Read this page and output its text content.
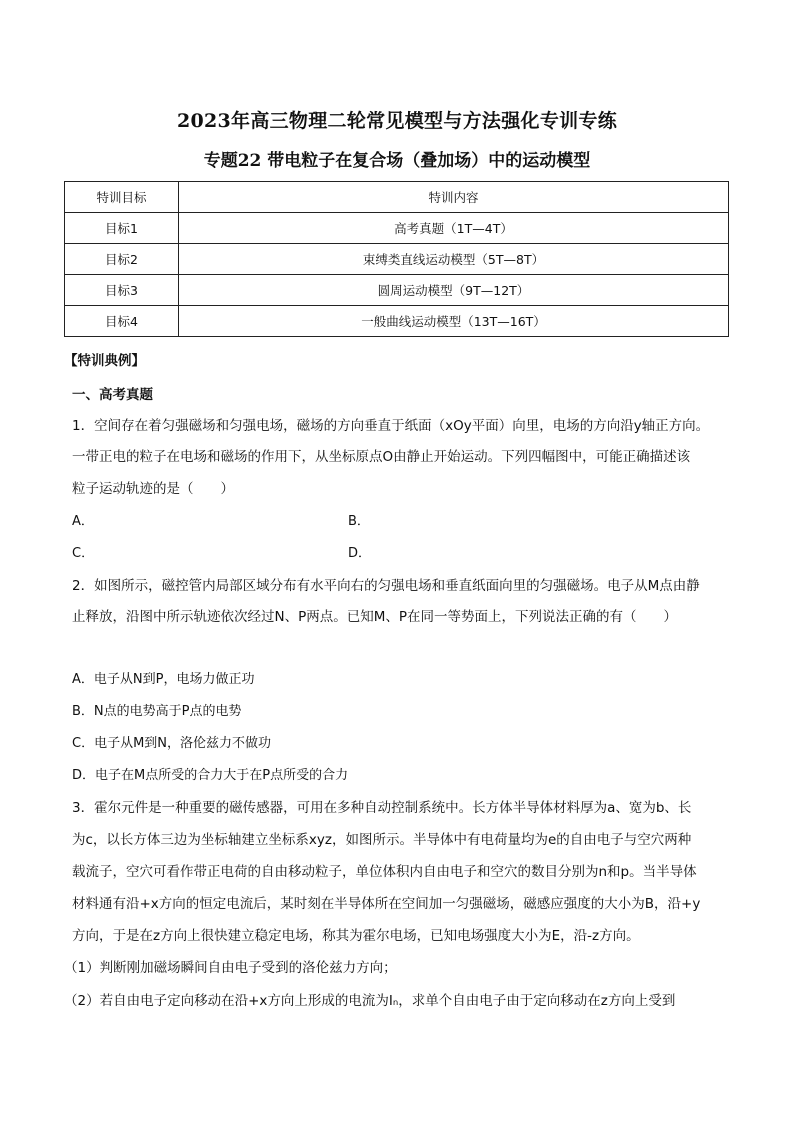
2023年高三物理二轮常见模型与方法强化专训专练
专题22 带电粒子在复合场（叠加场）中的运动模型
特训目标	特训内容
目标1	高考真题（1T—4T）
目标2	束缚类直线运动模型（5T—8T）
目标3	圆周运动模型（9T—12T）
目标4	一般曲线运动模型（13T—16T）
【特训典例】
一、高考真题
1．空间存在着匀强磁场和匀强电场，磁场的方向垂直于纸面（xOy平面）向里，电场的方向沿y轴正方向。
一带正电的粒子在电场和磁场的作用下，从坐标原点O由静止开始运动。下列四幅图中，可能正确描述该
粒子运动轨迹的是（　　）
A．	B．
C．	D．
2．如图所示，磁控管内局部区域分布有水平向右的匀强电场和垂直纸面向里的匀强磁场。电子从M点由静
止释放，沿图中所示轨迹依次经过N、P两点。已知M、P在同一等势面上，下列说法正确的有（　　）
A．电子从N到P，电场力做正功
B．N点的电势高于P点的电势
C．电子从M到N，洛伦兹力不做功
D．电子在M点所受的合力大于在P点所受的合力
3．霍尔元件是一种重要的磁传感器，可用在多种自动控制系统中。长方体半导体材料厚为a、宽为b、长
为c，以长方体三边为坐标轴建立坐标系xyz，如图所示。半导体中有电荷量均为e的自由电子与空穴两种
载流子，空穴可看作带正电荷的自由移动粒子，单位体积内自由电子和空穴的数目分别为n和p。当半导体
材料通有沿+x方向的恒定电流后，某时刻在半导体所在空间加一匀强磁场，磁感应强度的大小为B，沿+y
方向，于是在z方向上很快建立稳定电场，称其为霍尔电场，已知电场强度大小为E，沿-z方向。
（1）判断刚加磁场瞬间自由电子受到的洛伦兹力方向；
（2）若自由电子定向移动在沿+x方向上形成的电流为Iₙ，求单个自由电子由于定向移动在z方向上受到
